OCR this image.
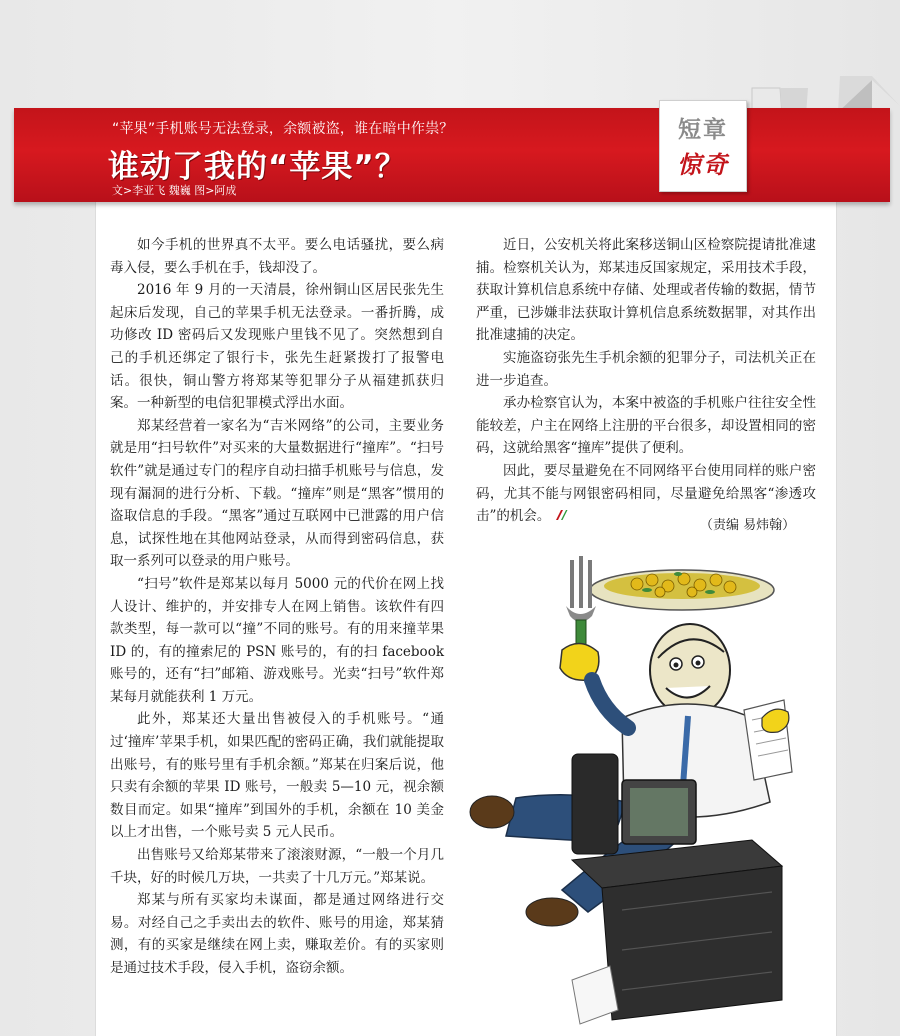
“苹果”手机账号无法登录，余额被盗，谁在暗中作祟？
谁动了我的“苹果”？
文>李亚飞 魏巍 图>阿成
短章
惊奇

如今手机的世界真不太平。要么电话骚扰，要么病毒入侵，要么手机在手，钱却没了。

2016 年 9 月的一天清晨，徐州铜山区居民张先生起床后发现，自己的苹果手机无法登录。一番折腾，成功修改 ID 密码后又发现账户里钱不见了。突然想到自己的手机还绑定了银行卡，张先生赶紧拨打了报警电话。很快，铜山警方将郑某等犯罪分子从福建抓获归案。一种新型的电信犯罪模式浮出水面。

郑某经营着一家名为“吉米网络”的公司，主要业务就是用“扫号软件”对买来的大量数据进行“撞库”。“扫号软件”就是通过专门的程序自动扫描手机账号与信息，发现有漏洞的进行分析、下载。“撞库”则是“黑客”惯用的盗取信息的手段。“黑客”通过互联网中已泄露的用户信息，试探性地在其他网站登录，从而得到密码信息，获取一系列可以登录的用户账号。

“扫号”软件是郑某以每月 5000 元的代价在网上找人设计、维护的，并安排专人在网上销售。该软件有四款类型，每一款可以“撞”不同的账号。有的用来撞苹果 ID 的，有的撞索尼的 PSN 账号的，有的扫 facebook 账号的，还有“扫”邮箱、游戏账号。光卖“扫号”软件郑某每月就能获利 1 万元。

此外，郑某还大量出售被侵入的手机账号。“通过‘撞库’苹果手机，如果匹配的密码正确，我们就能提取出账号，有的账号里有手机余额。”郑某在归案后说，他只卖有余额的苹果 ID 账号，一般卖 5—10 元，视余额数目而定。如果“撞库”到国外的手机，余额在 10 美金以上才出售，一个账号卖 5 元人民币。

出售账号又给郑某带来了滚滚财源，“一般一个月几千块，好的时候几万块，一共卖了十几万元。”郑某说。

郑某与所有买家均未谋面，都是通过网络进行交易。对经自己之手卖出去的软件、账号的用途，郑某猜测，有的买家是继续在网上卖，赚取差价。有的买家则是通过技术手段，侵入手机，盗窃余额。

近日，公安机关将此案移送铜山区检察院提请批准逮捕。检察机关认为，郑某违反国家规定，采用技术手段，获取计算机信息系统中存储、处理或者传输的数据，情节严重，已涉嫌非法获取计算机信息系统数据罪，对其作出批准逮捕的决定。

实施盗窃张先生手机余额的犯罪分子，司法机关正在进一步追查。

承办检察官认为，本案中被盗的手机账户往往安全性能较差，户主在网络上注册的平台很多，却设置相同的密码，这就给黑客“撞库”提供了便利。

因此，要尽量避免在不同网络平台使用同样的账户密码，尤其不能与网银密码相同，尽量避免给黑客“渗透攻击”的机会。

（责编 易炜翰）
